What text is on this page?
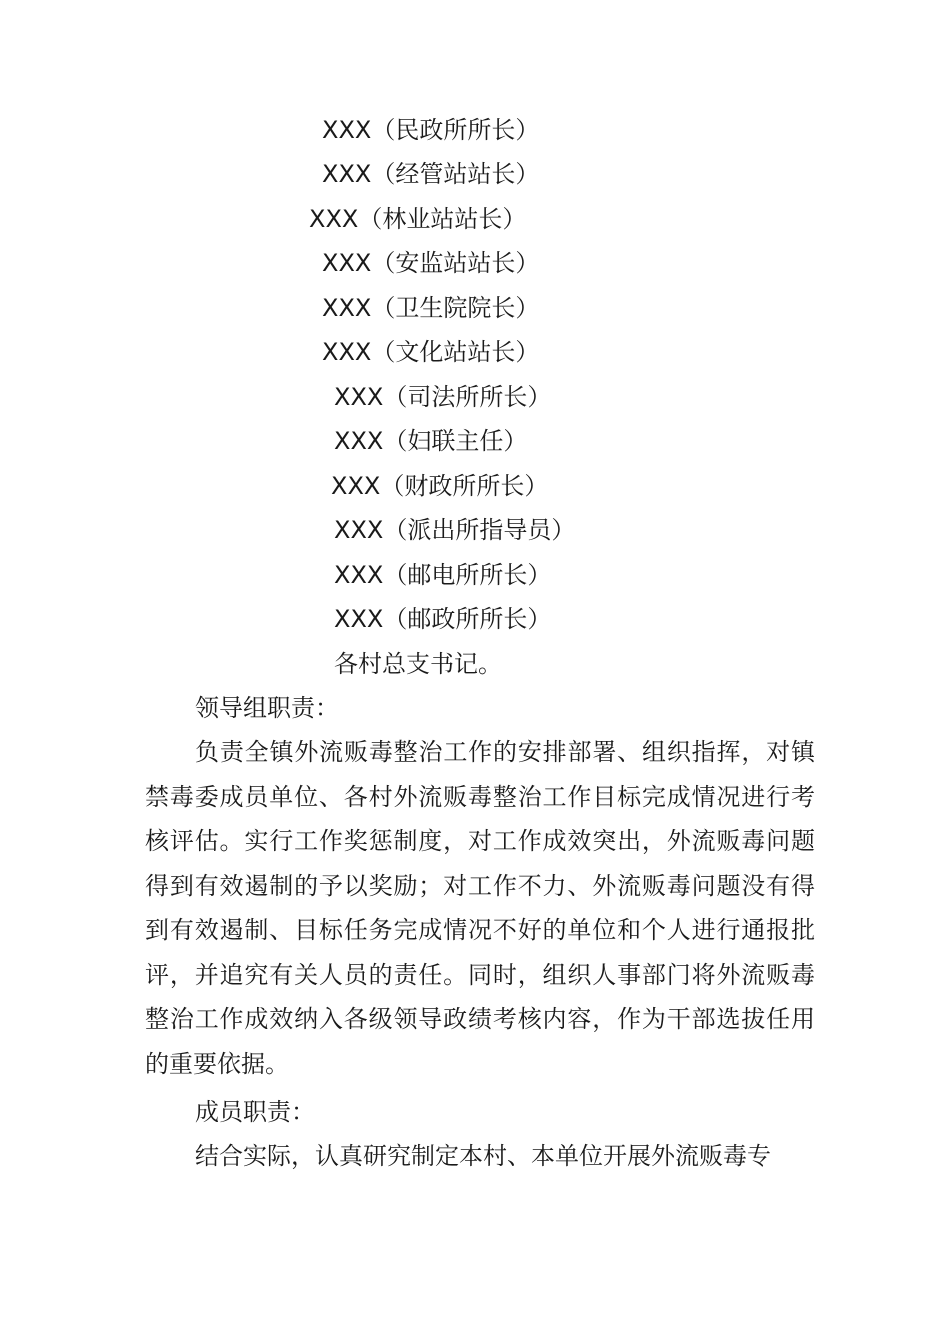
XXX（民政所所长）
XXX（经管站站长）
XXX（林业站站长）
XXX（安监站站长）
XXX（卫生院院长）
XXX（文化站站长）
XXX（司法所所长）
XXX（妇联主任）
XXX（财政所所长）
XXX（派出所指导员）
XXX（邮电所所长）
XXX（邮政所所长）
各村总支书记。
领导组职责：

负责全镇外流贩毒整治工作的安排部署、组织指挥，对镇禁毒委成员单位、各村外流贩毒整治工作目标完成情况进行考核评估。实行工作奖惩制度，对工作成效突出，外流贩毒问题得到有效遏制的予以奖励；对工作不力、外流贩毒问题没有得到有效遏制、目标任务完成情况不好的单位和个人进行通报批评，并追究有关人员的责任。同时，组织人事部门将外流贩毒整治工作成效纳入各级领导政绩考核内容，作为干部选拔任用的重要依据。

成员职责：

结合实际，认真研究制定本村、本单位开展外流贩毒专
